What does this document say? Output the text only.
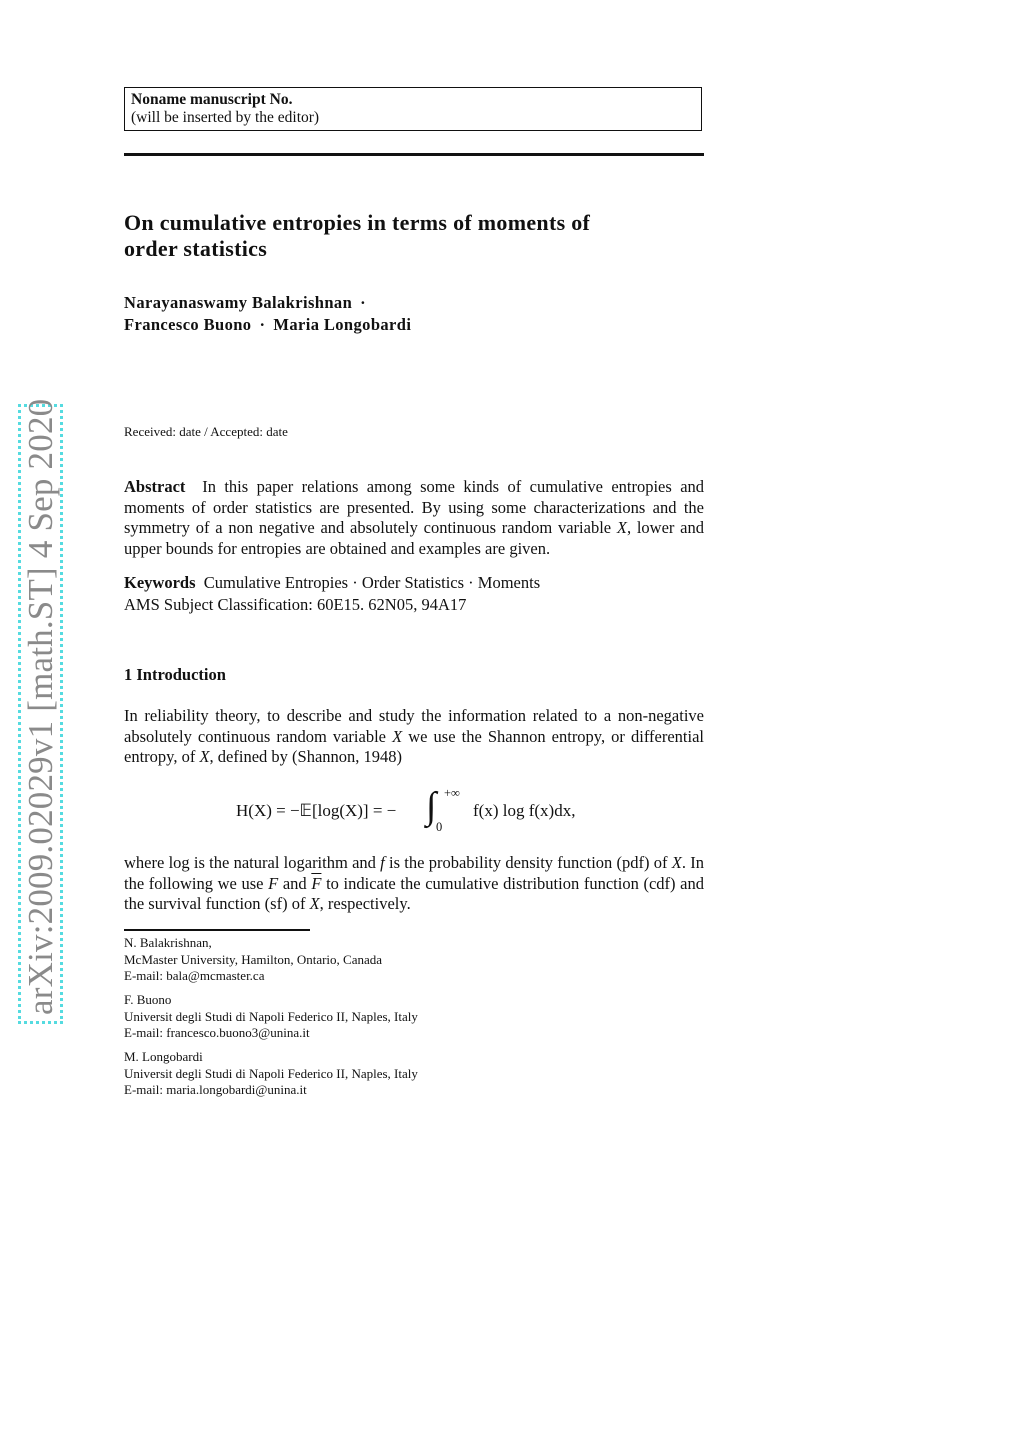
Noname manuscript No.
(will be inserted by the editor)
On cumulative entropies in terms of moments of
order statistics
Narayanaswamy Balakrishnan ·
Francesco Buono · Maria Longobardi
Received: date / Accepted: date
Abstract In this paper relations among some kinds of cumulative entropies and moments of order statistics are presented. By using some characterizations and the symmetry of a non negative and absolutely continuous random variable X, lower and upper bounds for entropies are obtained and examples are given.
Keywords Cumulative Entropies · Order Statistics · Moments
AMS Subject Classification: 60E15. 62N05, 94A17
1 Introduction
In reliability theory, to describe and study the information related to a non-negative absolutely continuous random variable X we use the Shannon entropy, or differential entropy, of X, defined by (Shannon, 1948)
H(X) = −𝔼[log(X)] = − ∫ +∞
0
f(x) log f(x)dx,
where log is the natural logarithm and f is the probability density function (pdf) of X. In the following we use F and $\overline{F}$ to indicate the cumulative distribution function (cdf) and the survival function (sf) of X, respectively.
N. Balakrishnan,
McMaster University, Hamilton, Ontario, Canada
E-mail: bala@mcmaster.ca
F. Buono
Universit degli Studi di Napoli Federico II, Naples, Italy
E-mail: francesco.buono3@unina.it
M. Longobardi
Universit degli Studi di Napoli Federico II, Naples, Italy
E-mail: maria.longobardi@unina.it
arXiv:2009.02029v1 [math.ST] 4 Sep 2020
